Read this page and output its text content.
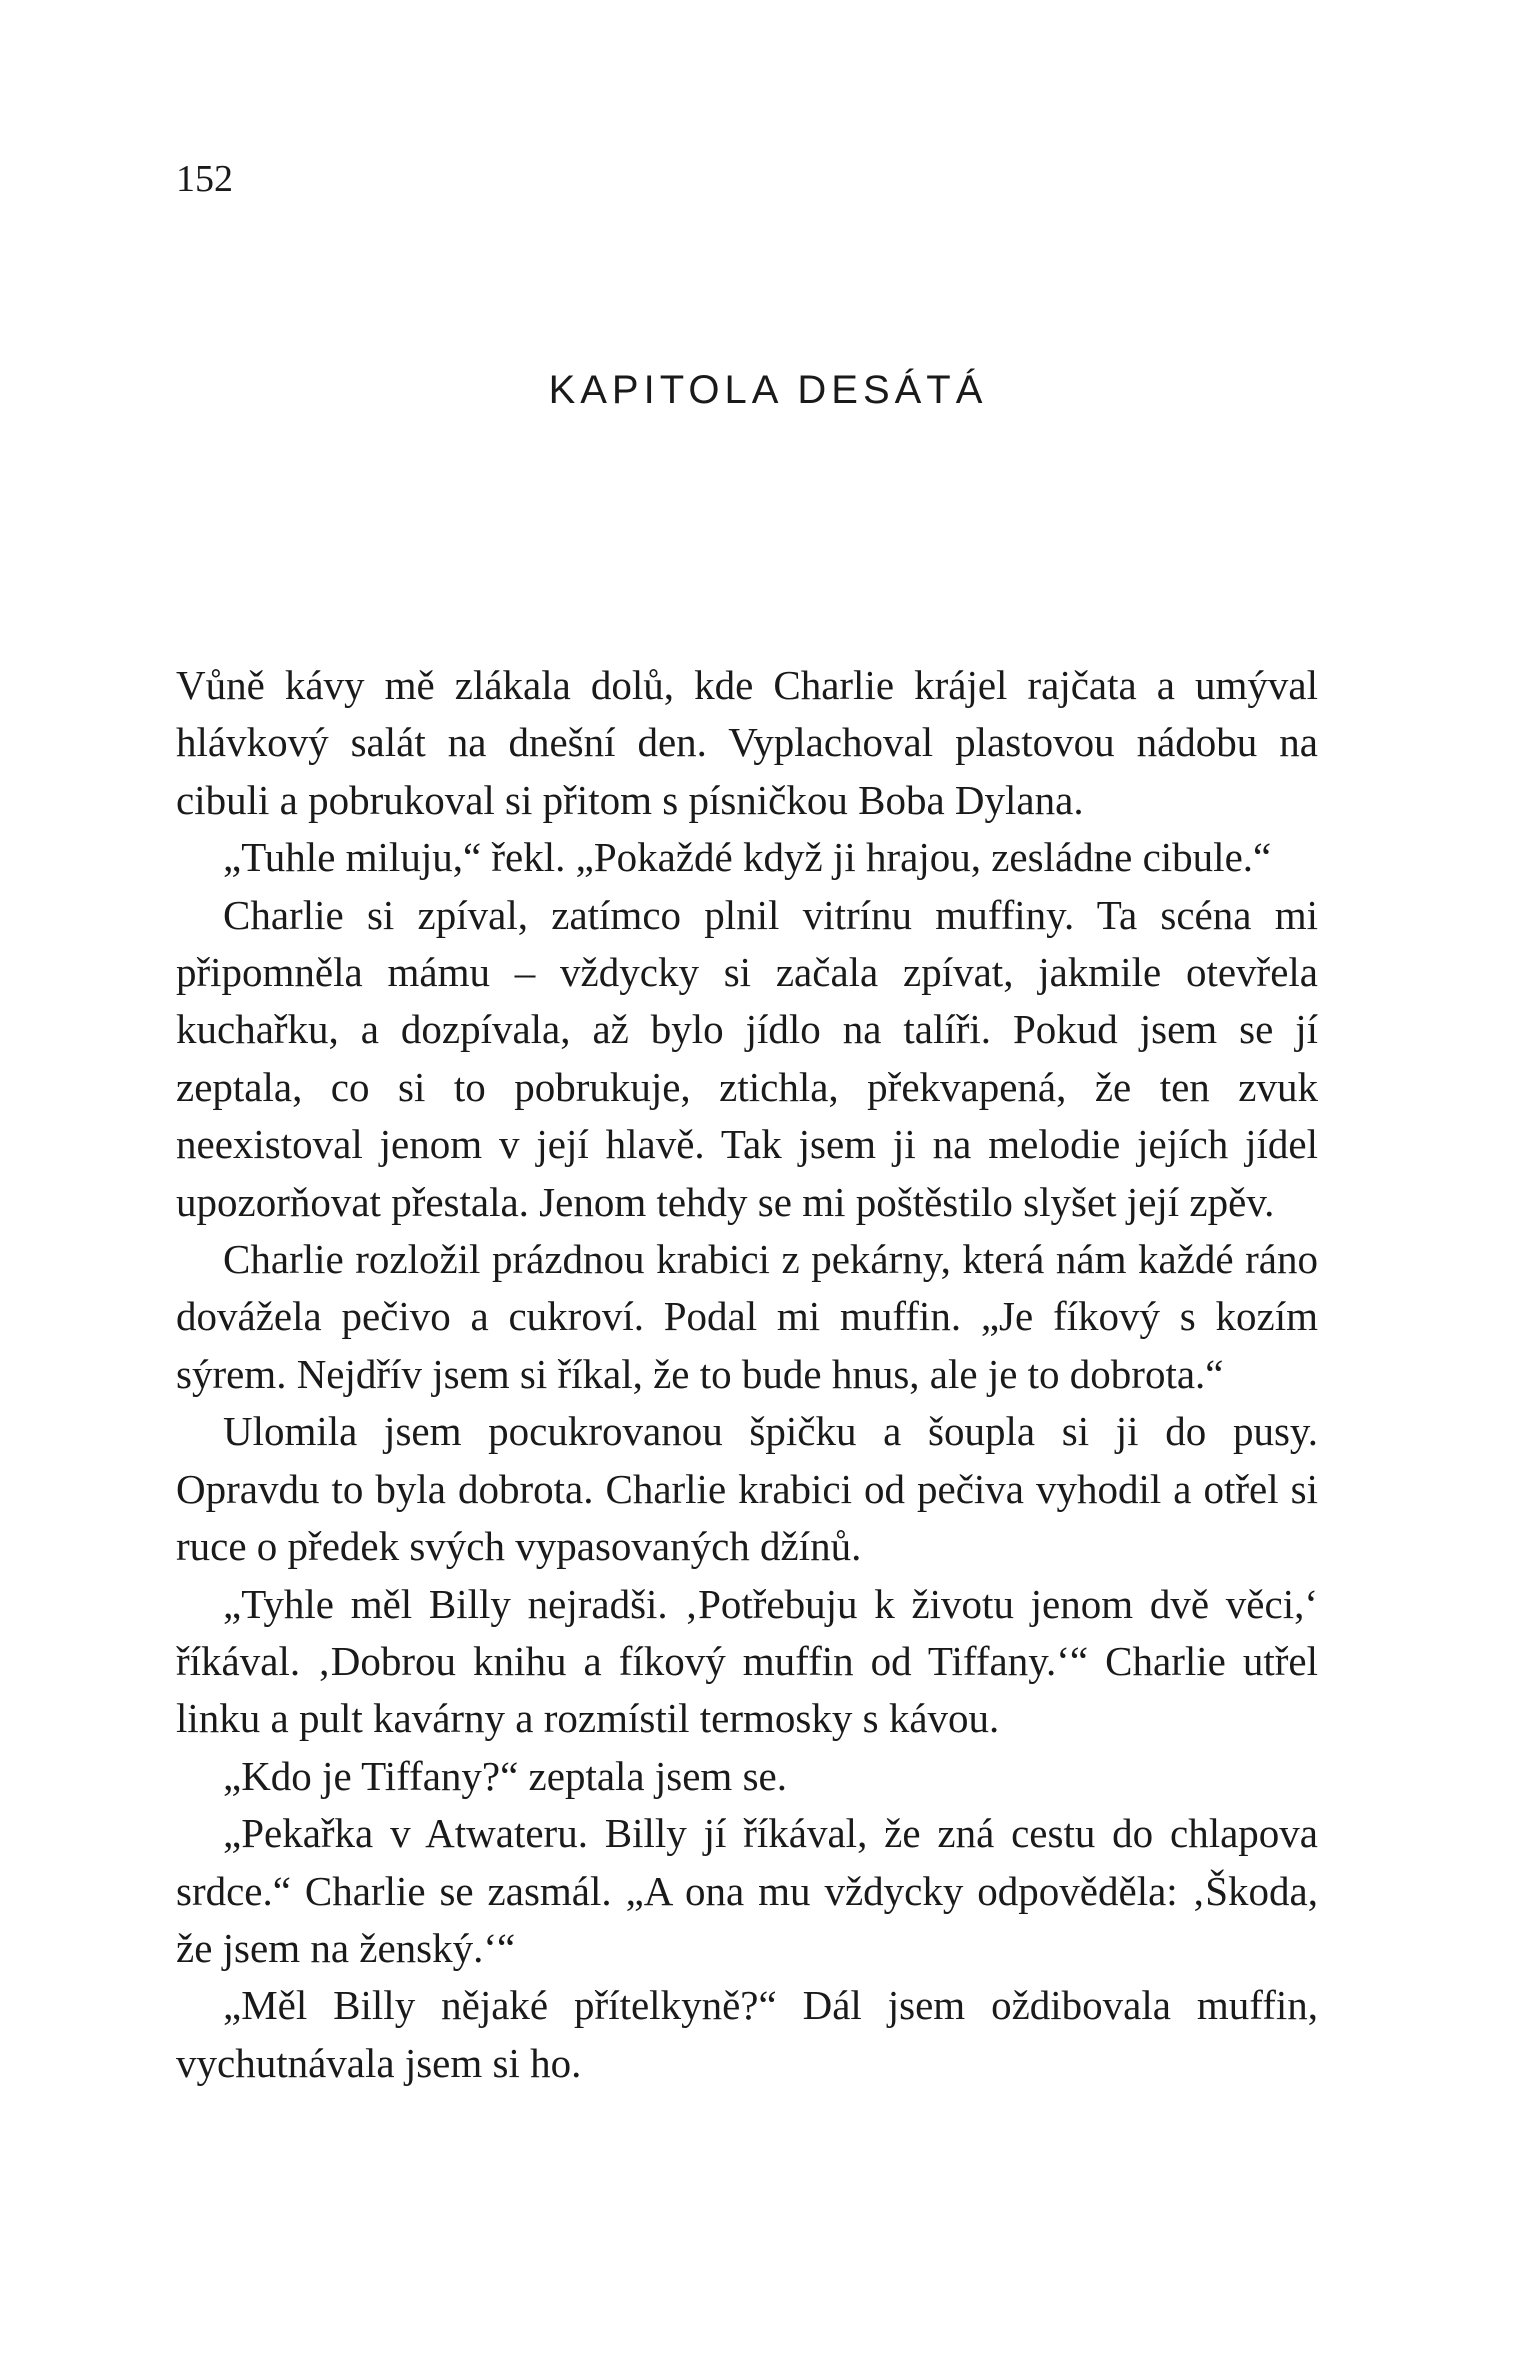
152
KAPITOLA DESÁTÁ

Vůně kávy mě zlákala dolů, kde Charlie krájel rajčata a umýval hlávkový salát na dnešní den. Vyplachoval plastovou nádobu na cibuli a pobrukoval si přitom s písničkou Boba Dylana.

„Tuhle miluju,“ řekl. „Pokaždé když ji hrajou, zesládne cibule.“

Charlie si zpíval, zatímco plnil vitrínu muffiny. Ta scéna mi připomněla mámu – vždycky si začala zpívat, jakmile otevřela kuchařku, a dozpívala, až bylo jídlo na talíři. Pokud jsem se jí zeptala, co si to pobrukuje, ztichla, překvapená, že ten zvuk neexistoval jenom v její hlavě. Tak jsem ji na melodie jejích jídel upozorňovat přestala. Jenom tehdy se mi poštěstilo slyšet její zpěv.

Charlie rozložil prázdnou krabici z pekárny, která nám každé ráno dovážela pečivo a cukroví. Podal mi muffin. „Je fíkový s kozím sýrem. Nejdřív jsem si říkal, že to bude hnus, ale je to dobrota.“

Ulomila jsem pocukrovanou špičku a šoupla si ji do pusy. Opravdu to byla dobrota. Charlie krabici od pečiva vyhodil a otřel si ruce o předek svých vypasovaných džínů.

„Tyhle měl Billy nejradši. ‚Potřebuju k životu jenom dvě věci,‘ říkával. ‚Dobrou knihu a fíkový muffin od Tiffany.‘“ Charlie utřel linku a pult kavárny a rozmístil termosky s kávou.

„Kdo je Tiffany?“ zeptala jsem se.

„Pekařka v Atwateru. Billy jí říkával, že zná cestu do chlapova srdce.“ Charlie se zasmál. „A ona mu vždycky odpověděla: ‚Škoda, že jsem na ženský.‘“

„Měl Billy nějaké přítelkyně?“ Dál jsem oždibovala muffin, vychutnávala jsem si ho.
